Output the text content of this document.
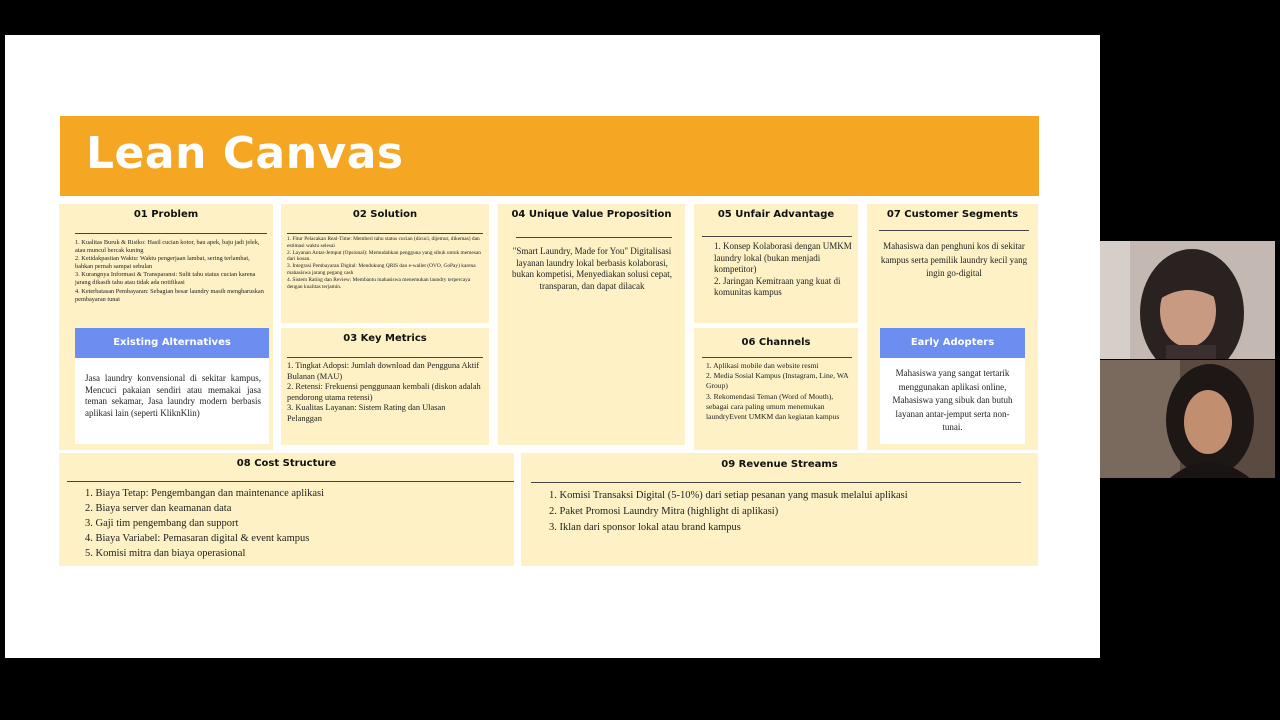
Lean Canvas
01 Problem
1. Kualitas Buruk & Risiko: Hasil cucian kotor, bau apek, baju jadi jelek, atau muncul bercak kuning
2. Ketidakpastian Waktu: Waktu pengerjaan lambat, sering terlambat, bahkan pernah sampai sebulan
3. Kurangnya Informasi & Transparansi: Sulit tahu status cucian karena jarang dikasih tahu atau tidak ada notifikasi
4. Keterbatasan Pembayaran: Sebagian besar laundry masih mengharuskan pembayaran tunai
Existing Alternatives
Jasa laundry konvensional di sekitar kampus, Mencuci pakaian sendiri atau memakai jasa teman sekamar, Jasa laundry modern berbasis aplikasi lain (seperti KliknKlin)
02 Solution
1. Fitur Pelacakan Real-Time: Memberi tahu status cucian (dicuci, dijemur, dikemas) dan estimasi waktu selesai
2. Layanan Antar-Jemput (Opsional): Memudahkan pengguna yang sibuk untuk memesan dari kosan.
3. Integrasi Pembayaran Digital: Mendukung QRIS dan e-wallet (OVO, GoPay) karena mahasiswa jarang pegang cash
4. Sistem Rating dan Review: Membantu mahasiswa menemukan laundry terpercaya dengan kualitas terjamin.
03 Key Metrics
1. Tingkat Adopsi: Jumlah download dan Pengguna Aktif Bulanan (MAU)
2. Retensi: Frekuensi penggunaan kembali (diskon adalah pendorong utama retensi)
3. Kualitas Layanan: Sistem Rating dan Ulasan Pelanggan
04 Unique Value Proposition
"Smart Laundry, Made for You" Digitalisasi layanan laundry lokal berbasis kolaborasi, bukan kompetisi, Menyediakan solusi cepat, transparan, dan dapat dilacak
05 Unfair Advantage
1. Konsep Kolaborasi dengan UMKM laundry lokal (bukan menjadi kompetitor)
2. Jaringan Kemitraan yang kuat di komunitas kampus
06 Channels
1. Aplikasi mobile dan website resmi
2. Media Sosial Kampus (Instagram, Line, WA Group)
3. Rekomendasi Teman (Word of Mouth), sebagai cara paling umum menemukan laundryEvent UMKM dan kegiatan kampus
07 Customer Segments
Mahasiswa dan penghuni kos di sekitar kampus serta pemilik laundry kecil yang ingin go-digital
Early Adopters
Mahasiswa yang sangat tertarik menggunakan aplikasi online, Mahasiswa yang sibuk dan butuh layanan antar-jemput serta non-tunai.
08 Cost Structure
1. Biaya Tetap: Pengembangan dan maintenance aplikasi
2. Biaya server dan keamanan data
3. Gaji tim pengembang dan support
4. Biaya Variabel: Pemasaran digital & event kampus
5. Komisi mitra dan biaya operasional
09 Revenue Streams
1. Komisi Transaksi Digital (5-10%) dari setiap pesanan yang masuk melalui aplikasi
2. Paket Promosi Laundry Mitra (highlight di aplikasi)
3. Iklan dari sponsor lokal atau brand kampus
